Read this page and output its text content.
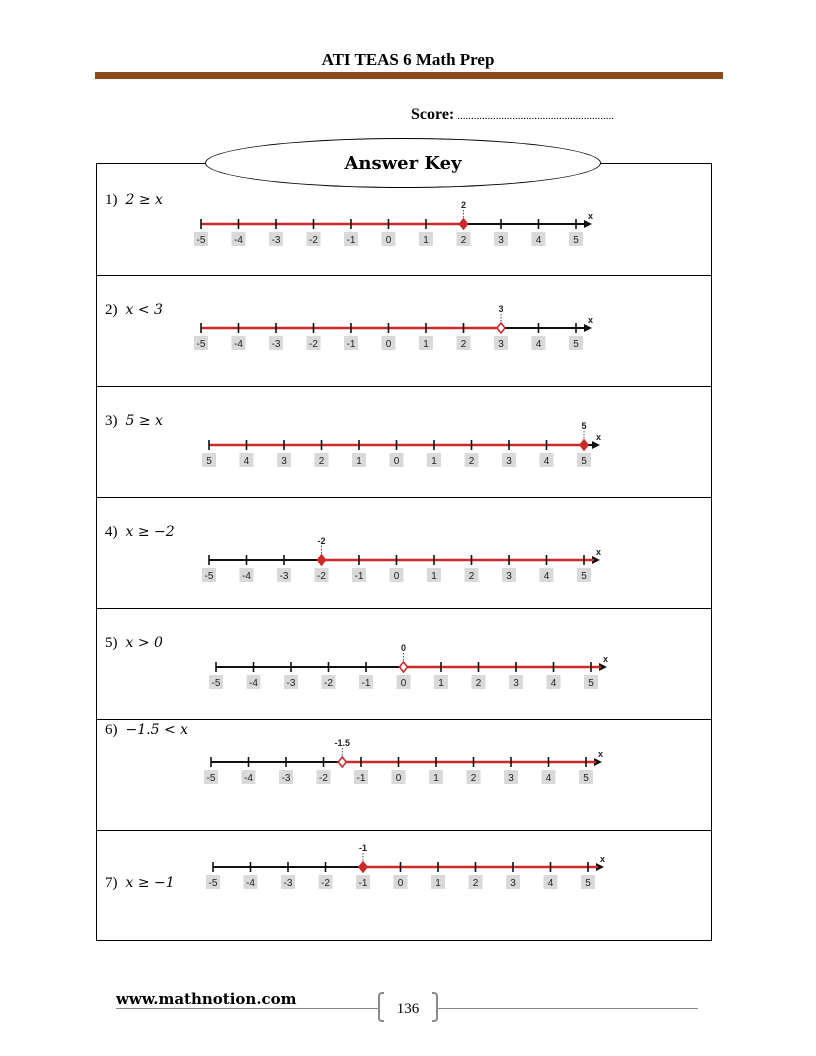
ATI TEAS 6 Math Prep
Score: .........................................................
1) 2 ≥ x
-5	-4	-3	-2	-1	0	1	2	3	4	5
x
2
2) x < 3
-5	-4	-3	-2	-1	0	1	2	3	4	5
x
3
3) 5 ≥ x
5	4	3	2	1	0	1	2	3	4	5
x
5
4) x ≥ −2
-5	-4	-3	-2	-1	0	1	2	3	4	5
x
-2
5) x > 0
-5	-4	-3	-2	-1	0	1	2	3	4	5
x
0
6) −1.5 < x
-5	-4	-3	-2	-1	0	1	2	3	4	5
x
-1.5
7) x ≥ −1	-5	-4	-3	-2	-1	0	1	2	3	4	5
x
-1
Answer Key
www.mathnotion.com
136
